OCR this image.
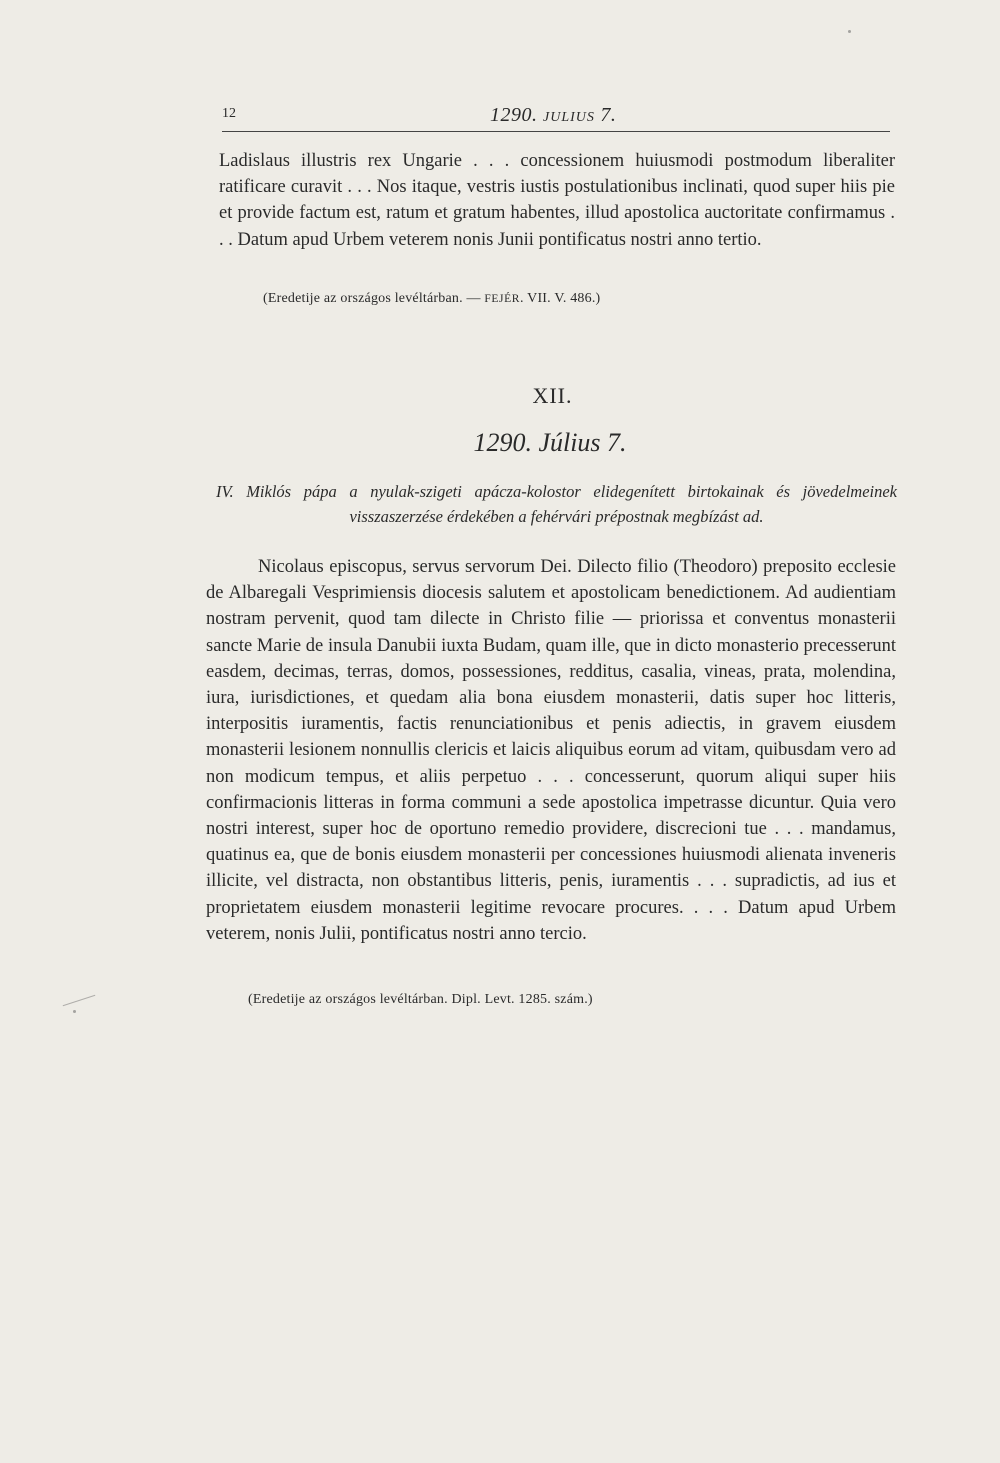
12	1290. JULIUS 7.
Ladislaus illustris rex Ungarie . . . concessionem huiusmodi postmodum liberaliter ratificare curavit . . . Nos itaque, vestris iustis postulationibus inclinati, quod super hiis pie et provide factum est, ratum et gratum habentes, illud apostolica auctoritate confirmamus . . . Datum apud Urbem veterem nonis Junii pontificatus nostri anno tertio.
(Eredetije az országos levéltárban. — FEJÉR. VII. V. 486.)
XII.
1290. Július 7.
IV. Miklós pápa a nyulak-szigeti apácza-kolostor elidegenített birtokainak és jövedelmeinek visszaszerzése érdekében a fehérvári prépostnak megbízást ad.
Nicolaus episcopus, servus servorum Dei. Dilecto filio (Theodoro) preposito ecclesie de Albaregali Vesprimiensis diocesis salutem et apostolicam benedictionem. Ad audientiam nostram pervenit, quod tam dilecte in Christo filie — priorissa et conventus monasterii sancte Marie de insula Danubii iuxta Budam, quam ille, que in dicto monasterio precesserunt easdem, decimas, terras, domos, possessiones, redditus, casalia, vineas, prata, molendina, iura, iurisdictiones, et quedam alia bona eiusdem monasterii, datis super hoc litteris, interpositis iuramentis, factis renunciationibus et penis adiectis, in gravem eiusdem monasterii lesionem nonnullis clericis et laicis aliquibus eorum ad vitam, quibusdam vero ad non modicum tempus, et aliis perpetuo . . . concesserunt, quorum aliqui super hiis confirmacionis litteras in forma communi a sede apostolica impetrasse dicuntur. Quia vero nostri interest, super hoc de oportuno remedio providere, discrecioni tue . . . mandamus, quatinus ea, que de bonis eiusdem monasterii per concessiones huiusmodi alienata inveneris illicite, vel distracta, non obstantibus litteris, penis, iuramentis . . . supradictis, ad ius et proprietatem eiusdem monasterii legitime revocare procures. . . . Datum apud Urbem veterem, nonis Julii, pontificatus nostri anno tercio.
(Eredetije az országos levéltárban. Dipl. Levt. 1285. szám.)
